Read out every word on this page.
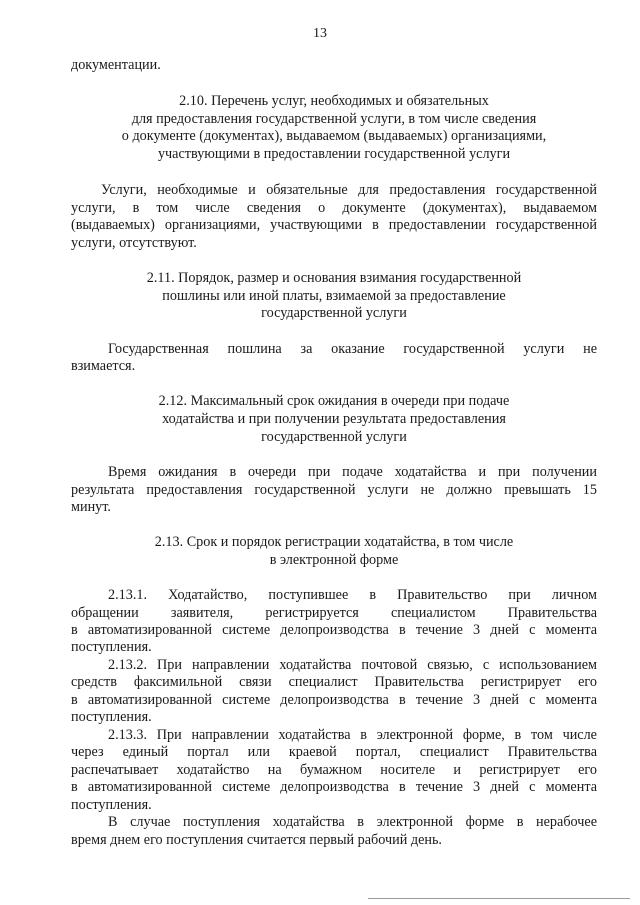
13
документации.
2.10. Перечень услуг, необходимых и обязательных
для предоставления государственной услуги, в том числе сведения
о документе (документах), выдаваемом (выдаваемых) организациями,
участвующими в предоставлении государственной услуги
Услуги, необходимые и обязательные для предоставления государственной
услуги, в том числе сведения о документе (документах), выдаваемом
(выдаваемых) организациями, участвующими в предоставлении государственной
услуги, отсутствуют.
2.11. Порядок, размер и основания взимания государственной
пошлины или иной платы, взимаемой за предоставление
государственной услуги
Государственная пошлина за оказание государственной услуги не
взимается.
2.12. Максимальный срок ожидания в очереди при подаче
ходатайства и при получении результата предоставления
государственной услуги
Время ожидания в очереди при подаче ходатайства и при получении
результата предоставления государственной услуги не должно превышать 15
минут.
2.13. Срок и порядок регистрации ходатайства, в том числе
в электронной форме
2.13.1. Ходатайство, поступившее в Правительство при личном
обращении заявителя, регистрируется специалистом Правительства
в автоматизированной системе делопроизводства в течение 3 дней с момента
поступления.
2.13.2. При направлении ходатайства почтовой связью, с использованием
средств факсимильной связи специалист Правительства регистрирует его
в автоматизированной системе делопроизводства в течение 3 дней с момента
поступления.
2.13.3. При направлении ходатайства в электронной форме, в том числе
через единый портал или краевой портал, специалист Правительства
распечатывает ходатайство на бумажном носителе и регистрирует его
в автоматизированной системе делопроизводства в течение 3 дней с момента
поступления.
В случае поступления ходатайства в электронной форме в нерабочее
время днем его поступления считается первый рабочий день.
